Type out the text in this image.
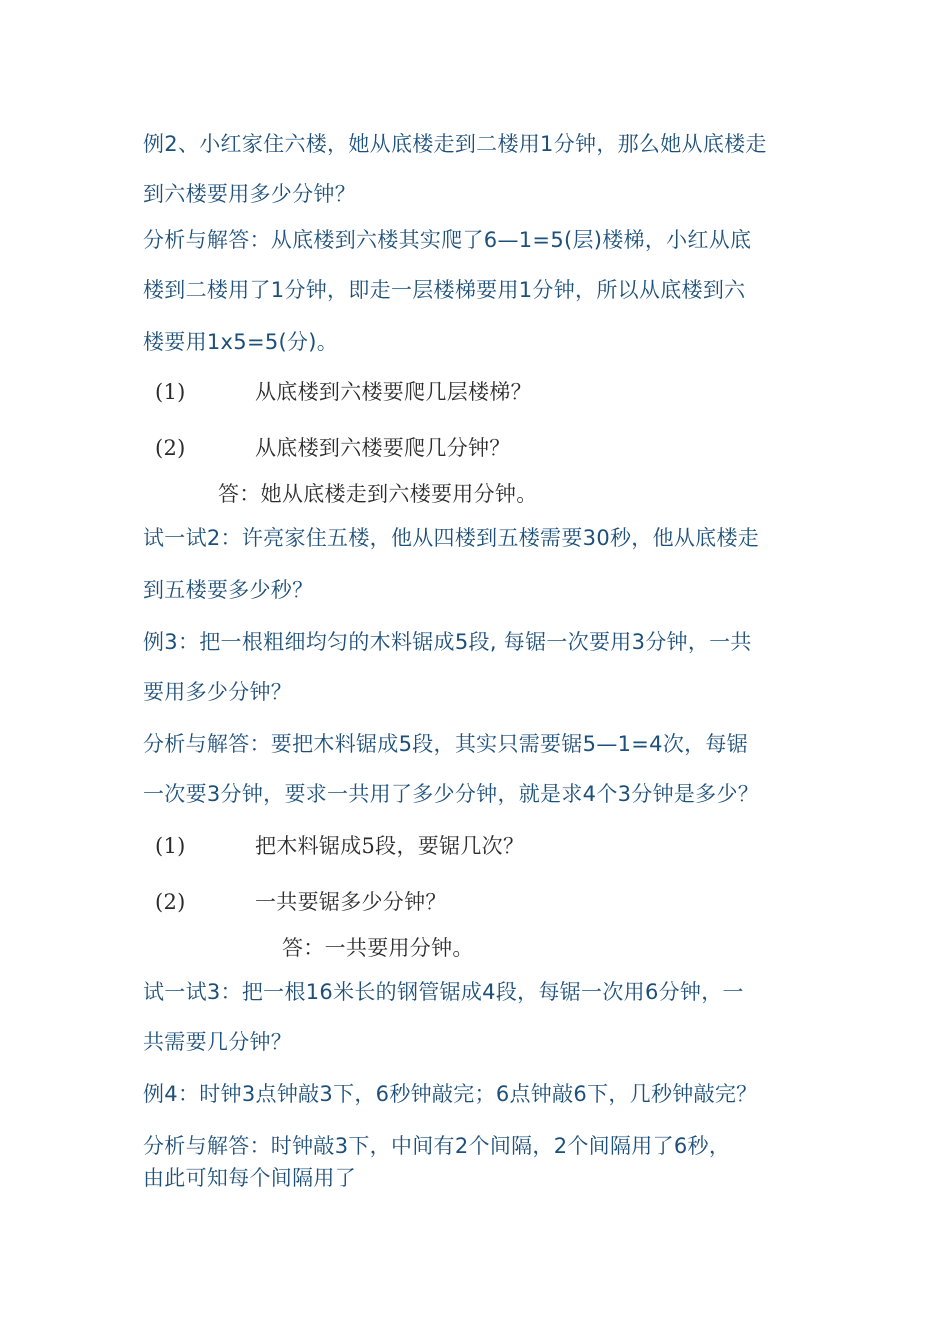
例2、小红家住六楼，她从底楼走到二楼用1分钟，那么她从底楼走
到六楼要用多少分钟？
分析与解答：从底楼到六楼其实爬了6—1=5(层)楼梯，小红从底
楼到二楼用了1分钟，即走一层楼梯要用1分钟，所以从底楼到六
楼要用1x5=5(分)。
(1)	从底楼到六楼要爬几层楼梯？
(2)	从底楼到六楼要爬几分钟？
答：她从底楼走到六楼要用分钟。
试一试2：许亮家住五楼，他从四楼到五楼需要30秒，他从底楼走
到五楼要多少秒？
例3：把一根粗细均匀的木料锯成5段, 每锯一次要用3分钟，一共
要用多少分钟？
分析与解答：要把木料锯成5段，其实只需要锯5—1=4次，每锯
一次要3分钟，要求一共用了多少分钟，就是求4个3分钟是多少？
(1)	把木料锯成5段，要锯几次？
(2)	一共要锯多少分钟？
答：一共要用分钟。
试一试3：把一根16米长的钢管锯成4段，每锯一次用6分钟，一
共需要几分钟？
例4：时钟3点钟敲3下，6秒钟敲完；6点钟敲6下，几秒钟敲完？
分析与解答：时钟敲3下，中间有2个间隔，2个间隔用了6秒，
由此可知每个间隔用了
